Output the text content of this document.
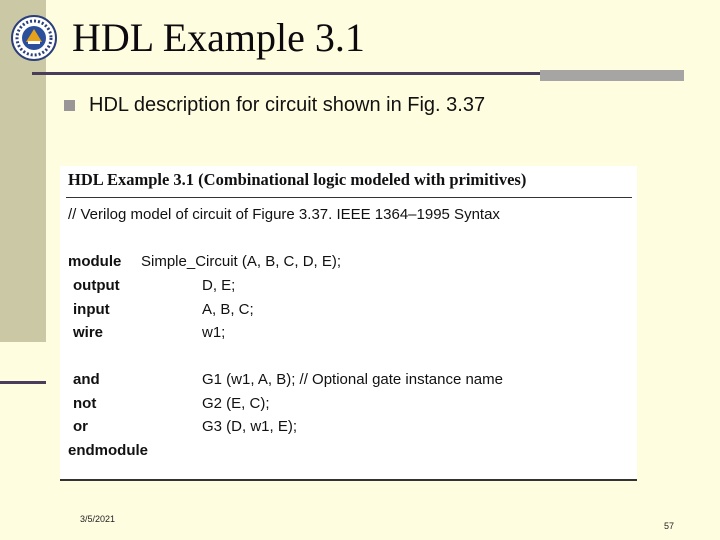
HDL Example 3.1
HDL description for circuit shown in Fig. 3.37
HDL Example 3.1 (Combinational logic modeled with primitives)
// Verilog model of circuit of Figure 3.37. IEEE 1364–1995 Syntax
module Simple_Circuit (A, B, C, D, E);
output	D, E;
input	A, B, C;
wire	w1;
and	G1 (w1, A, B); // Optional gate instance name
not	G2 (E, C);
or	G3 (D, w1, E);
endmodule
3/5/2021
57
